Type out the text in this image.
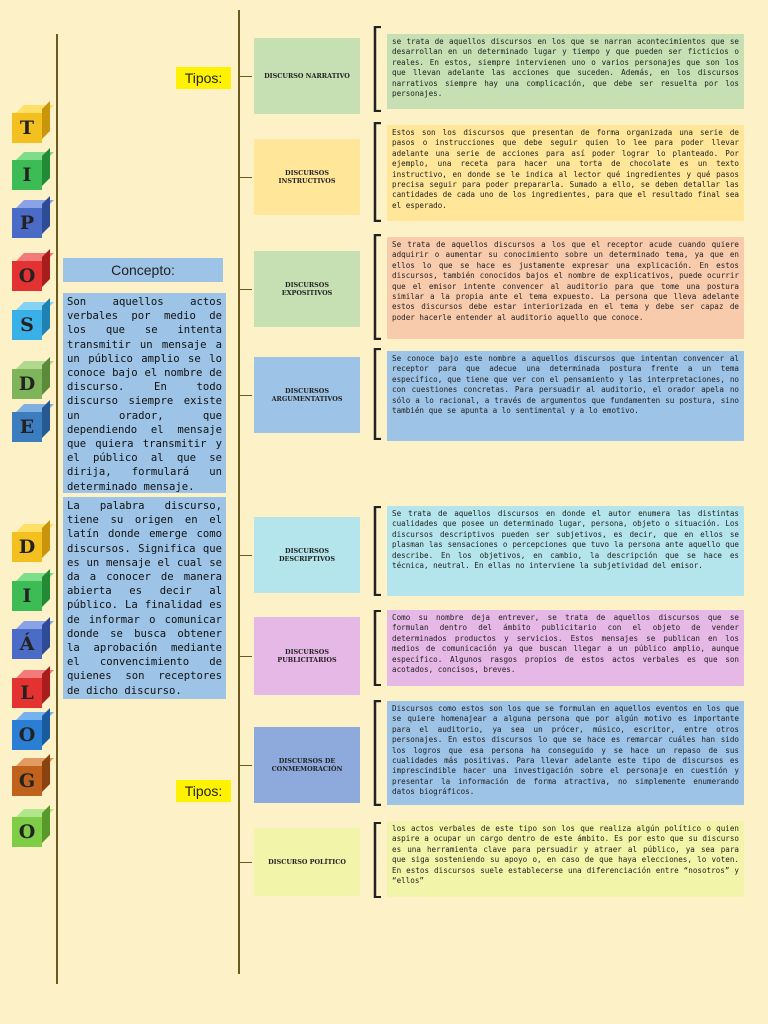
T
I
P
O
S
D
E
D
I
Á
L
O
G
O
Tipos:
Tipos:
Concepto:
Son aquellos actos verbales por medio de los que se intenta transmitir un mensaje a un público amplio se lo conoce bajo el nombre de discurso. En todo discurso siempre existe un orador, que dependiendo el mensaje que quiera transmitir y el público al que se dirija, formulará un determinado mensaje.
La palabra discurso, tiene su origen en el latín donde emerge como discursos. Significa que es un mensaje el cual se da a conocer de manera abierta es decir al público. La finalidad es de informar o comunicar donde se busca obtener la aprobación mediante el convencimiento de quienes son receptores de dicho discurso.
DISCURSO NARRATIVO
se trata de aquellos discursos en los que se narran acontecimientos que se desarrollan en un determinado lugar y tiempo y que pueden ser ficticios o reales. En estos, siempre intervienen uno o varios personajes que son los que llevan adelante las acciones que suceden. Además, en los discursos narrativos siempre hay una complicación, que debe ser resuelta por los personajes.
DISCURSOS INSTRUCTIVOS
Estos son los discursos que presentan de forma organizada una serie de pasos o instrucciones que debe seguir quien lo lee para poder llevar adelante una serie de acciones para así poder lograr lo planteado. Por ejemplo, una receta para hacer una torta de chocolate es un texto instructivo, en donde se le indica al lector qué ingredientes y qué pasos precisa seguir para poder prepararla. Sumado a ello, se deben detallar las cantidades de cada uno de los ingredientes, para que el resultado final sea el esperado.
DISCURSOS EXPOSITIVOS
Se trata de aquellos discursos a los que el receptor acude cuando quiere adquirir o aumentar su conocimiento sobre un determinado tema, ya que en ellos lo que se hace es justamente expresar una explicación. En estos discursos, también conocidos bajos el nombre de explicativos, puede ocurrir que el emisor intente convencer al auditorio para que tome una postura similar a la propia ante el tema expuesto. La persona que lleva adelante estos discursos debe estar interiorizada en el tema y debe ser capaz de poder hacerle entender al auditorio aquello que conoce.
DISCURSOS ARGUMENTATIVOS
Se conoce bajo este nombre a aquellos discursos que intentan convencer al receptor para que adecue una determinada postura frente a un tema específico, que tiene que ver con el pensamiento y las interpretaciones, no con cuestiones concretas. Para persuadir al auditorio, el orador apela no sólo a lo racional, a través de argumentos que fundamenten su postura, sino también que se apunta a lo sentimental y a lo emotivo.
DISCURSOS DESCRIPTIVOS
Se trata de aquellos discursos en donde el autor enumera las distintas cualidades que posee un determinado lugar, persona, objeto o situación. Los discursos descriptivos pueden ser subjetivos, es decir, que en ellos se plasman las sensaciones o percepciones que tuvo la persona ante aquello que describe. En los objetivos, en cambio, la descripción que se hace es técnica, neutral. En ellas no interviene la subjetividad del emisor.
DISCURSOS PUBLICITARIOS
Como su nombre deja entrever, se trata de aquellos discursos que se formulan dentro del ámbito publicitario con el objeto de vender determinados productos y servicios. Estos mensajes se publican en los medios de comunicación ya que buscan llegar a un público amplio, aunque específico. Algunos rasgos propios de estos actos verbales es que son acotados, concisos, breves.
DISCURSOS DE CONMEMORACIÓN
Discursos como estos son los que se formulan en aquellos eventos en los que se quiere homenajear a alguna persona que por algún motivo es importante para el auditorio, ya sea un prócer, músico, escritor, entre otros personajes. En estos discursos lo que se hace es remarcar cuáles han sido los logros que esa persona ha conseguido y se hace un repaso de sus cualidades más positivas. Para llevar adelante este tipo de discursos es imprescindible hacer una investigación sobre el personaje en cuestión y presentar la información de forma atractiva, no simplemente enumerando datos biográficos.
DISCURSO POLÍTICO
los actos verbales de este tipo son los que realiza algún político o quien aspire a ocupar un cargo dentro de este ámbito. Es por esto que su discurso es una herramienta clave para persuadir y atraer al público, ya sea para que siga sosteniendo su apoyo o, en caso de que haya elecciones, lo voten. En estos discursos suele establecerse una diferenciación entre “nosotros” y “ellos”
